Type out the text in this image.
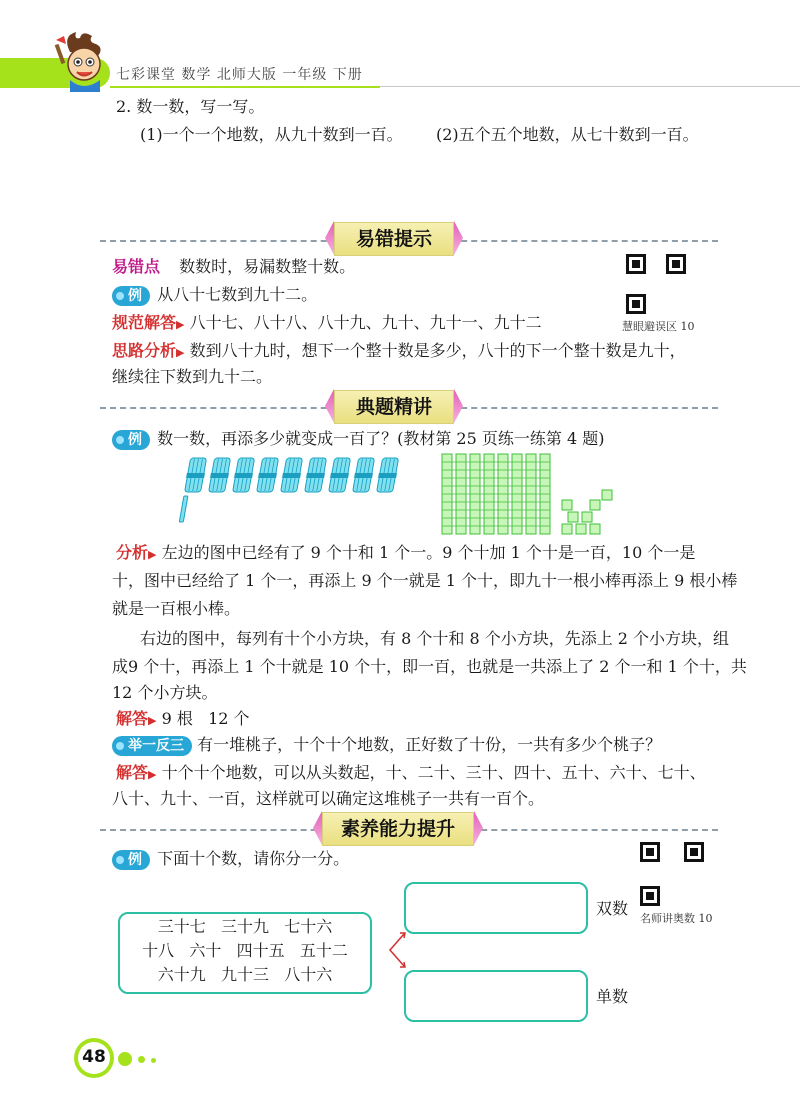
七彩课堂 数学 北师大版 一年级 下册
2. 数一数，写一写。
(1)一个一个地数，从九十数到一百。 (2)五个五个地数，从七十数到一百。
易错提示
易错点 数数时，易漏数整十数。
例 从八十七数到九十二。
规范解答▶ 八十七、八十八、八十九、九十、九十一、九十二
思路分析▶ 数到八十九时，想下一个整十数是多少，八十的下一个整十数是九十，
继续往下数到九十二。
慧眼避误区 10
典题精讲
例 数一数，再添多少就变成一百了？(教材第 25 页练一练第 4 题)
分析▶ 左边的图中已经有了 9 个十和 1 个一。9 个十加 1 个十是一百，10 个一是
十，图中已经给了 1 个一，再添上 9 个一就是 1 个十，即九十一根小棒再添上 9 根小棒
就是一百根小棒。
右边的图中，每列有十个小方块，有 8 个十和 8 个小方块，先添上 2 个小方块，组
成9 个十，再添上 1 个十就是 10 个十，即一百，也就是一共添上了 2 个一和 1 个十，共
12 个小方块。
解答▶ 9 根   12 个
举一反三 有一堆桃子，十个十个地数，正好数了十份，一共有多少个桃子？
解答▶ 十个十个地数，可以从头数起，十、二十、三十、四十、五十、六十、七十、
八十、九十、一百，这样就可以确定这堆桃子一共有一百个。
素养能力提升
例 下面十个数，请你分一分。
名师讲奥数 10
三十七   三十九   七十六
十八   六十   四十五   五十二
六十九   九十三   八十六
双数
单数
48
